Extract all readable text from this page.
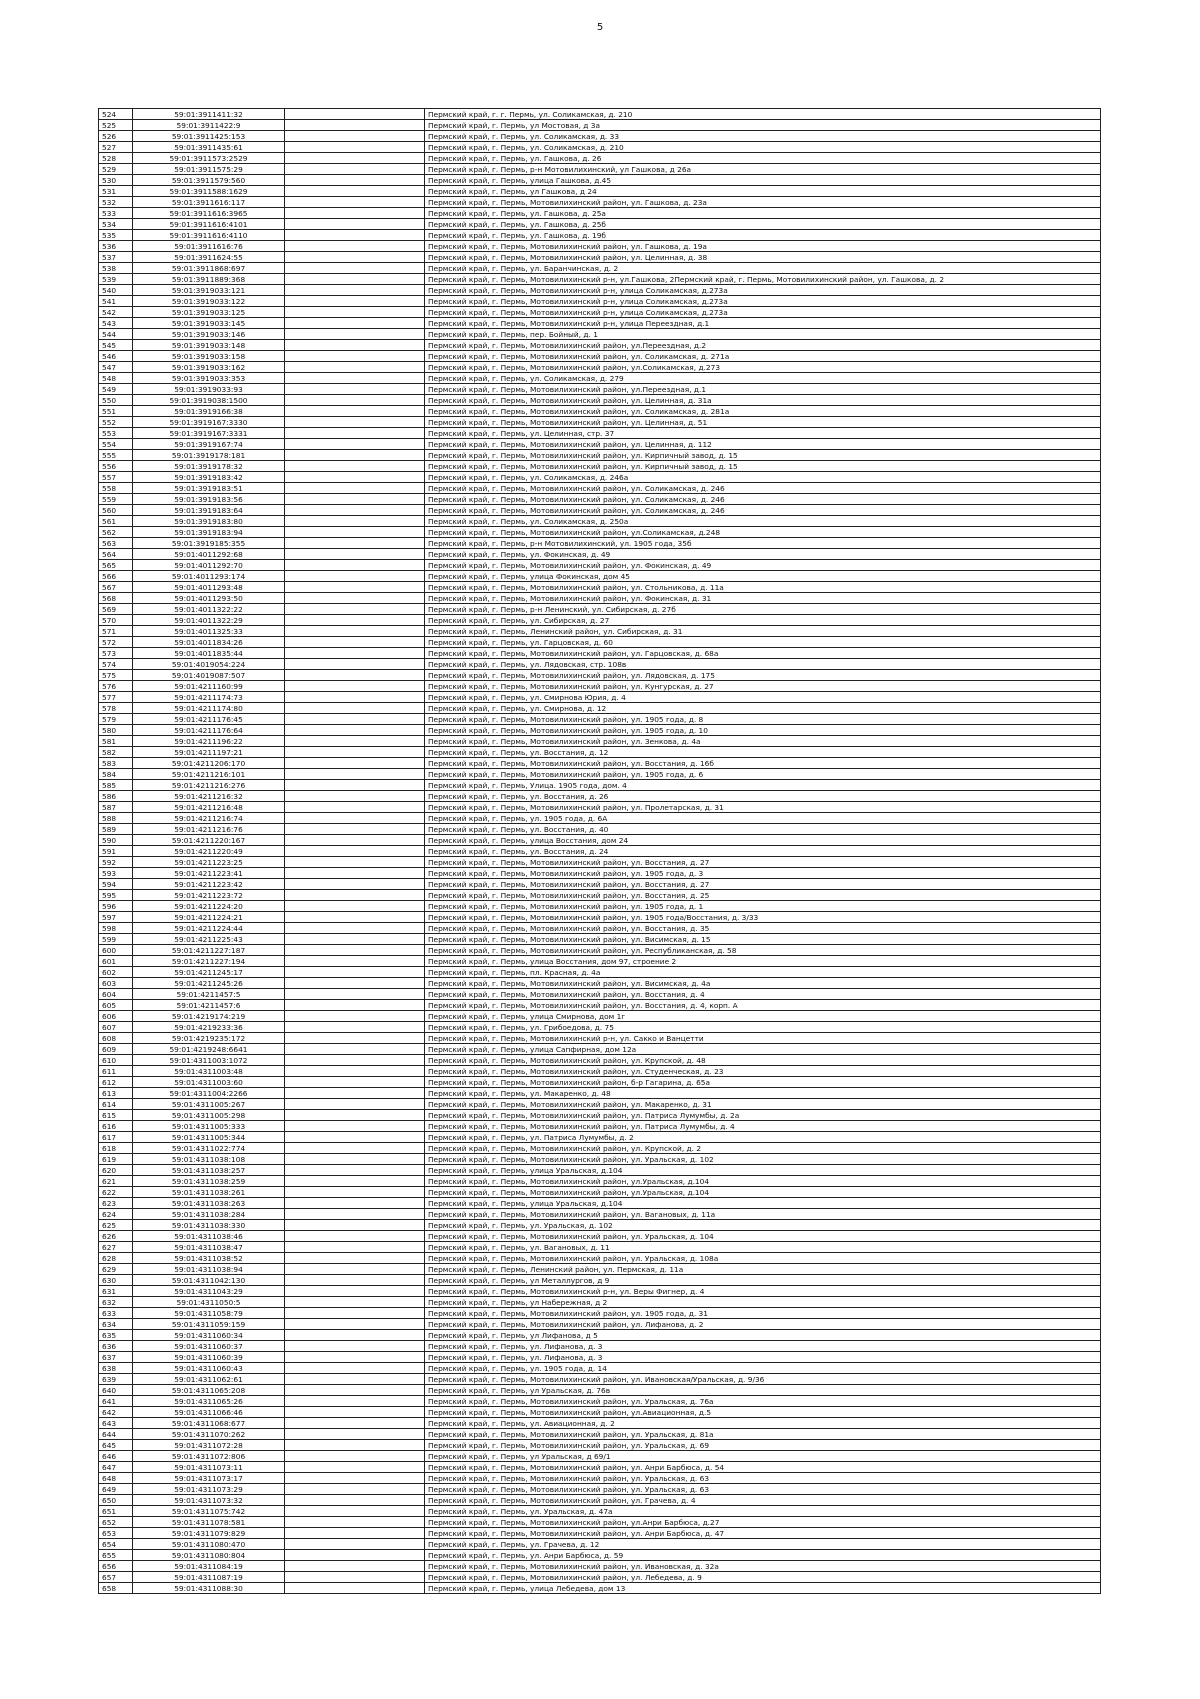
5
524	59:01:3911411:32		Пермский край, г. г. Пермь, ул. Соликамская, д. 210
525	59:01:3911422:9		Пермский край, г. Пермь, ул Мостовая, д 3а
526	59:01:3911425:153		Пермский край, г. Пермь, ул. Соликамская, д. 33
527	59:01:3911435:61		Пермский край, г. Пермь, ул. Соликамская, д. 210
528	59:01:3911573:2529		Пермский край, г. Пермь, ул. Гашкова, д. 26
529	59:01:3911575:29		Пермский край, г. Пермь, р-н Мотовилихинский, ул Гашкова, д 26а
530	59:01:3911579:560		Пермский край, г. Пермь, улица Гашкова, д.45
531	59:01:3911588:1629		Пермский край, г. Пермь, ул Гашкова, д 24
532	59:01:3911616:117		Пермский край, г. Пермь, Мотовилихинский район, ул. Гашкова, д. 23а
533	59:01:3911616:3965		Пермский край, г. Пермь, ул. Гашкова, д. 25а
534	59:01:3911616:4101		Пермский край, г. Пермь, ул. Гашкова, д. 25б
535	59:01:3911616:4110		Пермский край, г. Пермь, ул. Гашкова, д. 19б
536	59:01:3911616:76		Пермский край, г. Пермь, Мотовилихинский район, ул. Гашкова, д. 19а
537	59:01:3911624:55		Пермский край, г. Пермь, Мотовилихинский район, ул. Целинная, д. 38
538	59:01:3911868:697		Пермский край, г. Пермь, ул. Баранчинская, д. 2
539	59:01:3911889:368		Пермский край, г. Пермь, Мотовилихинский р-н, ул.Гашкова, 2Пермский край, г. Пермь, Мотовилихинский район, ул. Гашкова, д. 2
540	59:01:3919033:121		Пермский край, г. Пермь, Мотовилихинский р-н, улица Соликамская, д.273а
541	59:01:3919033:122		Пермский край, г. Пермь, Мотовилихинский р-н, улица Соликамская, д.273а
542	59:01:3919033:125		Пермский край, г. Пермь, Мотовилихинский р-н, улица Соликамская, д.273а
543	59:01:3919033:145		Пермский край, г. Пермь, Мотовилихинский р-н, улица Переездная, д.1
544	59:01:3919033:146		Пермский край, г. Пермь, пер. Бойный, д. 1
545	59:01:3919033:148		Пермский край, г. Пермь, Мотовилихинский район, ул.Переездная, д.2
546	59:01:3919033:158		Пермский край, г. Пермь, Мотовилихинский район, ул. Соликамская, д. 271а
547	59:01:3919033:162		Пермский край, г. Пермь, Мотовилихинский район, ул.Соликамская, д.273
548	59:01:3919033:353		Пермский край, г. Пермь, ул. Соликамская, д. 279
549	59:01:3919033:93		Пермский край, г. Пермь, Мотовилихинский район, ул.Переездная, д.1
550	59:01:3919038:1500		Пермский край, г. Пермь, Мотовилихинский район, ул. Целинная, д. 31а
551	59:01:3919166:38		Пермский край, г. Пермь, Мотовилихинский район, ул. Соликамская, д. 281а
552	59:01:3919167:3330		Пермский край, г. Пермь, Мотовилихинский район, ул. Целинная, д. 51
553	59:01:3919167:3331		Пермский край, г. Пермь, ул. Целинная, стр. 37
554	59:01:3919167:74		Пермский край, г. Пермь, Мотовилихинский район, ул. Целинная, д. 112
555	59:01:3919178:181		Пермский край, г. Пермь, Мотовилихинский район, ул. Кирпичный завод, д. 15
556	59:01:3919178:32		Пермский край, г. Пермь, Мотовилихинский район, ул. Кирпичный завод, д. 15
557	59:01:3919183:42		Пермский край, г. Пермь, ул. Соликамская, д. 246а
558	59:01:3919183:51		Пермский край, г. Пермь, Мотовилихинский район, ул. Соликамская, д. 246
559	59:01:3919183:56		Пермский край, г. Пермь, Мотовилихинский район, ул. Соликамская, д. 246
560	59:01:3919183:64		Пермский край, г. Пермь, Мотовилихинский район, ул. Соликамская, д. 246
561	59:01:3919183:80		Пермский край, г. Пермь, ул. Соликамская, д. 250а
562	59:01:3919183:94		Пермский край, г. Пермь, Мотовилихинский район, ул.Соликамская, д.248
563	59:01:3919185:355		Пермский край, г. Пермь, р-н Мотовилихинский, ул. 1905 года, 35б
564	59:01:4011292:68		Пермский край, г. Пермь, ул. Фокинская, д. 49
565	59:01:4011292:70		Пермский край, г. Пермь, Мотовилихинский район, ул. Фокинская, д. 49
566	59:01:4011293:174		Пермский край, г. Пермь, улица Фокинская, дом 45
567	59:01:4011293:48		Пермский край, г. Пермь, Мотовилихинский район, ул. Стольникова, д. 11а
568	59:01:4011293:50		Пермский край, г. Пермь, Мотовилихинский район, ул. Фокинская, д. 31
569	59:01:4011322:22		Пермский край, г. Пермь, р-н Ленинский, ул. Сибирская, д. 27б
570	59:01:4011322:29		Пермский край, г. Пермь, ул. Сибирская, д. 27
571	59:01:4011325:33		Пермский край, г. Пермь, Ленинский район, ул. Сибирская, д. 31
572	59:01:4011834:26		Пермский край, г. Пермь, ул. Гарцовская, д. 60
573	59:01:4011835:44		Пермский край, г. Пермь, Мотовилихинский район, ул. Гарцовская, д. 68а
574	59:01:4019054:224		Пермский край, г. Пермь, ул. Лядовская, стр. 108в
575	59:01:4019087:507		Пермский край, г. Пермь, Мотовилихинский район, ул. Лядовская, д. 175
576	59:01:4211160:99		Пермский край, г. Пермь, Мотовилихинский район, ул. Кунгурская, д. 27
577	59:01:4211174:73		Пермский край, г. Пермь, ул. Смирнова Юрия, д. 4
578	59:01:4211174:80		Пермский край, г. Пермь, ул. Смирнова, д. 12
579	59:01:4211176:45		Пермский край, г. Пермь, Мотовилихинский район, ул. 1905 года, д. 8
580	59:01:4211176:64		Пермский край, г. Пермь, Мотовилихинский район, ул. 1905 года, д. 10
581	59:01:4211196:22		Пермский край, г. Пермь, Мотовилихинский район, ул. Зенкова, д. 4а
582	59:01:4211197:21		Пермский край, г. Пермь, ул. Восстания, д. 12
583	59:01:4211206:170		Пермский край, г. Пермь, Мотовилихинский район, ул. Восстания, д. 16б
584	59:01:4211216:101		Пермский край, г. Пермь, Мотовилихинский район, ул. 1905 года, д. 6
585	59:01:4211216:276		Пермский край, г. Пермь, Улица. 1905 года, дом. 4
586	59:01:4211216:32		Пермский край, г. Пермь, ул. Восстания, д. 26
587	59:01:4211216:48		Пермский край, г. Пермь, Мотовилихинский район, ул. Пролетарская, д. 31
588	59:01:4211216:74		Пермский край, г. Пермь, ул. 1905 года, д. 6А
589	59:01:4211216:76		Пермский край, г. Пермь, ул. Восстания, д. 40
590	59:01:4211220:167		Пермский край, г. Пермь, улица Восстания, дом 24
591	59:01:4211220:49		Пермский край, г. Пермь, ул. Восстания, д. 24
592	59:01:4211223:25		Пермский край, г. Пермь, Мотовилихинский район, ул. Восстания, д. 27
593	59:01:4211223:41		Пермский край, г. Пермь, Мотовилихинский район, ул. 1905 года, д. 3
594	59:01:4211223:42		Пермский край, г. Пермь, Мотовилихинский район, ул. Восстания, д. 27
595	59:01:4211223:72		Пермский край, г. Пермь, Мотовилихинский район, ул. Восстания, д. 25
596	59:01:4211224:20		Пермский край, г. Пермь, Мотовилихинский район, ул. 1905 года, д. 1
597	59:01:4211224:21		Пермский край, г. Пермь, Мотовилихинский район, ул. 1905 года/Восстания, д. 3/33
598	59:01:4211224:44		Пермский край, г. Пермь, Мотовилихинский район, ул. Восстания, д. 35
599	59:01:4211225:43		Пермский край, г. Пермь, Мотовилихинский район, ул. Висимская, д. 15
600	59:01:4211227:187		Пермский край, г. Пермь, Мотовилихинский район, ул. Республиканская, д. 58
601	59:01:4211227:194		Пермский край, г. Пермь, улица Восстания, дом 97, строение 2
602	59:01:4211245:17		Пермский край, г. Пермь, пл. Красная, д. 4а
603	59:01:4211245:26		Пермский край, г. Пермь, Мотовилихинский район, ул. Висимская, д. 4а
604	59:01:4211457:5		Пермский край, г. Пермь, Мотовилихинский район, ул. Восстания, д. 4
605	59:01:4211457:6		Пермский край, г. Пермь, Мотовилихинский район, ул. Восстания, д. 4, корп. А
606	59:01:4219174:219		Пермский край, г. Пермь, улица Смирнова, дом 1г
607	59:01:4219233:36		Пермский край, г. Пермь, ул. Грибоедова, д. 75
608	59:01:4219235:172		Пермский край, г. Пермь, Мотовилихинский р-н, ул. Сакко и Ванцетти
609	59:01:4219248:6641		Пермский край, г. Пермь, улица Сапфирная, дом 12а
610	59:01:4311003:1072		Пермский край, г. Пермь, Мотовилихинский район, ул. Крупской, д. 48
611	59:01:4311003:48		Пермский край, г. Пермь, Мотовилихинский район, ул. Студенческая, д. 23
612	59:01:4311003:60		Пермский край, г. Пермь, Мотовилихинский район, б-р Гагарина, д. 65а
613	59:01:4311004:2266		Пермский край, г. Пермь, ул. Макаренко, д. 48
614	59:01:4311005:267		Пермский край, г. Пермь, Мотовилихинский район, ул. Макаренко, д. 31
615	59:01:4311005:298		Пермский край, г. Пермь, Мотовилихинский район, ул. Патриса Лумумбы, д. 2а
616	59:01:4311005:333		Пермский край, г. Пермь, Мотовилихинский район, ул. Патриса Лумумбы, д. 4
617	59:01:4311005:344		Пермский край, г. Пермь, ул. Патриса Лумумбы, д. 2
618	59:01:4311022:774		Пермский край, г. Пермь, Мотовилихинский район, ул. Крупской, д. 2
619	59:01:4311038:108		Пермский край, г. Пермь, Мотовилихинский район, ул. Уральская, д. 102
620	59:01:4311038:257		Пермский край, г. Пермь, улица Уральская, д.104
621	59:01:4311038:259		Пермский край, г. Пермь, Мотовилихинский район, ул.Уральская, д.104
622	59:01:4311038:261		Пермский край, г. Пермь, Мотовилихинский район, ул.Уральская, д.104
623	59:01:4311038:263		Пермский край, г. Пермь, улица Уральская, д.104
624	59:01:4311038:284		Пермский край, г. Пермь, Мотовилихинский район, ул. Вагановых, д. 11а
625	59:01:4311038:330		Пермский край, г. Пермь, ул. Уральская, д. 102
626	59:01:4311038:46		Пермский край, г. Пермь, Мотовилихинский район, ул. Уральская, д. 104
627	59:01:4311038:47		Пермский край, г. Пермь, ул. Вагановых, д. 11
628	59:01:4311038:52		Пермский край, г. Пермь, Мотовилихинский район, ул. Уральская, д. 108а
629	59:01:4311038:94		Пермский край, г. Пермь, Ленинский район, ул. Пермская, д. 11а
630	59:01:4311042:130		Пермский край, г. Пермь, ул Металлургов, д 9
631	59:01:4311043:29		Пермский край, г. Пермь, Мотовилихинский р-н, ул. Веры Фигнер, д. 4
632	59:01:4311050:5		Пермский край, г. Пермь, ул Набережная, д 2
633	59:01:4311058:79		Пермский край, г. Пермь, Мотовилихинский район, ул. 1905 года, д. 31
634	59:01:4311059:159		Пермский край, г. Пермь, Мотовилихинский район, ул. Лифанова, д. 2
635	59:01:4311060:34		Пермский край, г. Пермь, ул Лифанова, д 5
636	59:01:4311060:37		Пермский край, г. Пермь, ул. Лифанова, д. 3
637	59:01:4311060:39		Пермский край, г. Пермь, ул. Лифанова, д. 3
638	59:01:4311060:43		Пермский край, г. Пермь, ул. 1905 года, д. 14
639	59:01:4311062:61		Пермский край, г. Пермь, Мотовилихинский район, ул. Ивановская/Уральская, д. 9/36
640	59:01:4311065:208		Пермский край, г. Пермь, ул Уральская, д. 76в
641	59:01:4311065:26		Пермский край, г. Пермь, Мотовилихинский район, ул. Уральская, д. 76а
642	59:01:4311066:46		Пермский край, г. Пермь, Мотовилихинский район, ул.Авиационная, д.5
643	59:01:4311068:677		Пермский край, г. Пермь, ул. Авиационная, д. 2
644	59:01:4311070:262		Пермский край, г. Пермь, Мотовилихинский район, ул. Уральская, д. 81а
645	59:01:4311072:28		Пермский край, г. Пермь, Мотовилихинский район, ул. Уральская, д. 69
646	59:01:4311072:806		Пермский край, г. Пермь, ул Уральская, д 69/1
647	59:01:4311073:11		Пермский край, г. Пермь, Мотовилихинский район, ул. Анри Барбюса, д. 54
648	59:01:4311073:17		Пермский край, г. Пермь, Мотовилихинский район, ул. Уральская, д. 63
649	59:01:4311073:29		Пермский край, г. Пермь, Мотовилихинский район, ул. Уральская, д. 63
650	59:01:4311073:32		Пермский край, г. Пермь, Мотовилихинский район, ул. Грачева, д. 4
651	59:01:4311075:742		Пермский край, г. Пермь, ул. Уральская, д. 47а
652	59:01:4311078:581		Пермский край, г. Пермь, Мотовилихинский район, ул.Анри Барбюса, д.27
653	59:01:4311079:829		Пермский край, г. Пермь, Мотовилихинский район, ул. Анри Барбюса, д. 47
654	59:01:4311080:470		Пермский край, г. Пермь, ул. Грачева, д. 12
655	59:01:4311080:804		Пермский край, г. Пермь, ул. Анри Барбюса, д. 59
656	59:01:4311084:19		Пермский край, г. Пермь, Мотовилихинский район, ул. Ивановская, д. 32а
657	59:01:4311087:19		Пермский край, г. Пермь, Мотовилихинский район, ул. Лебедева, д. 9
658	59:01:4311088:30		Пермский край, г. Пермь, улица Лебедева, дом 13
